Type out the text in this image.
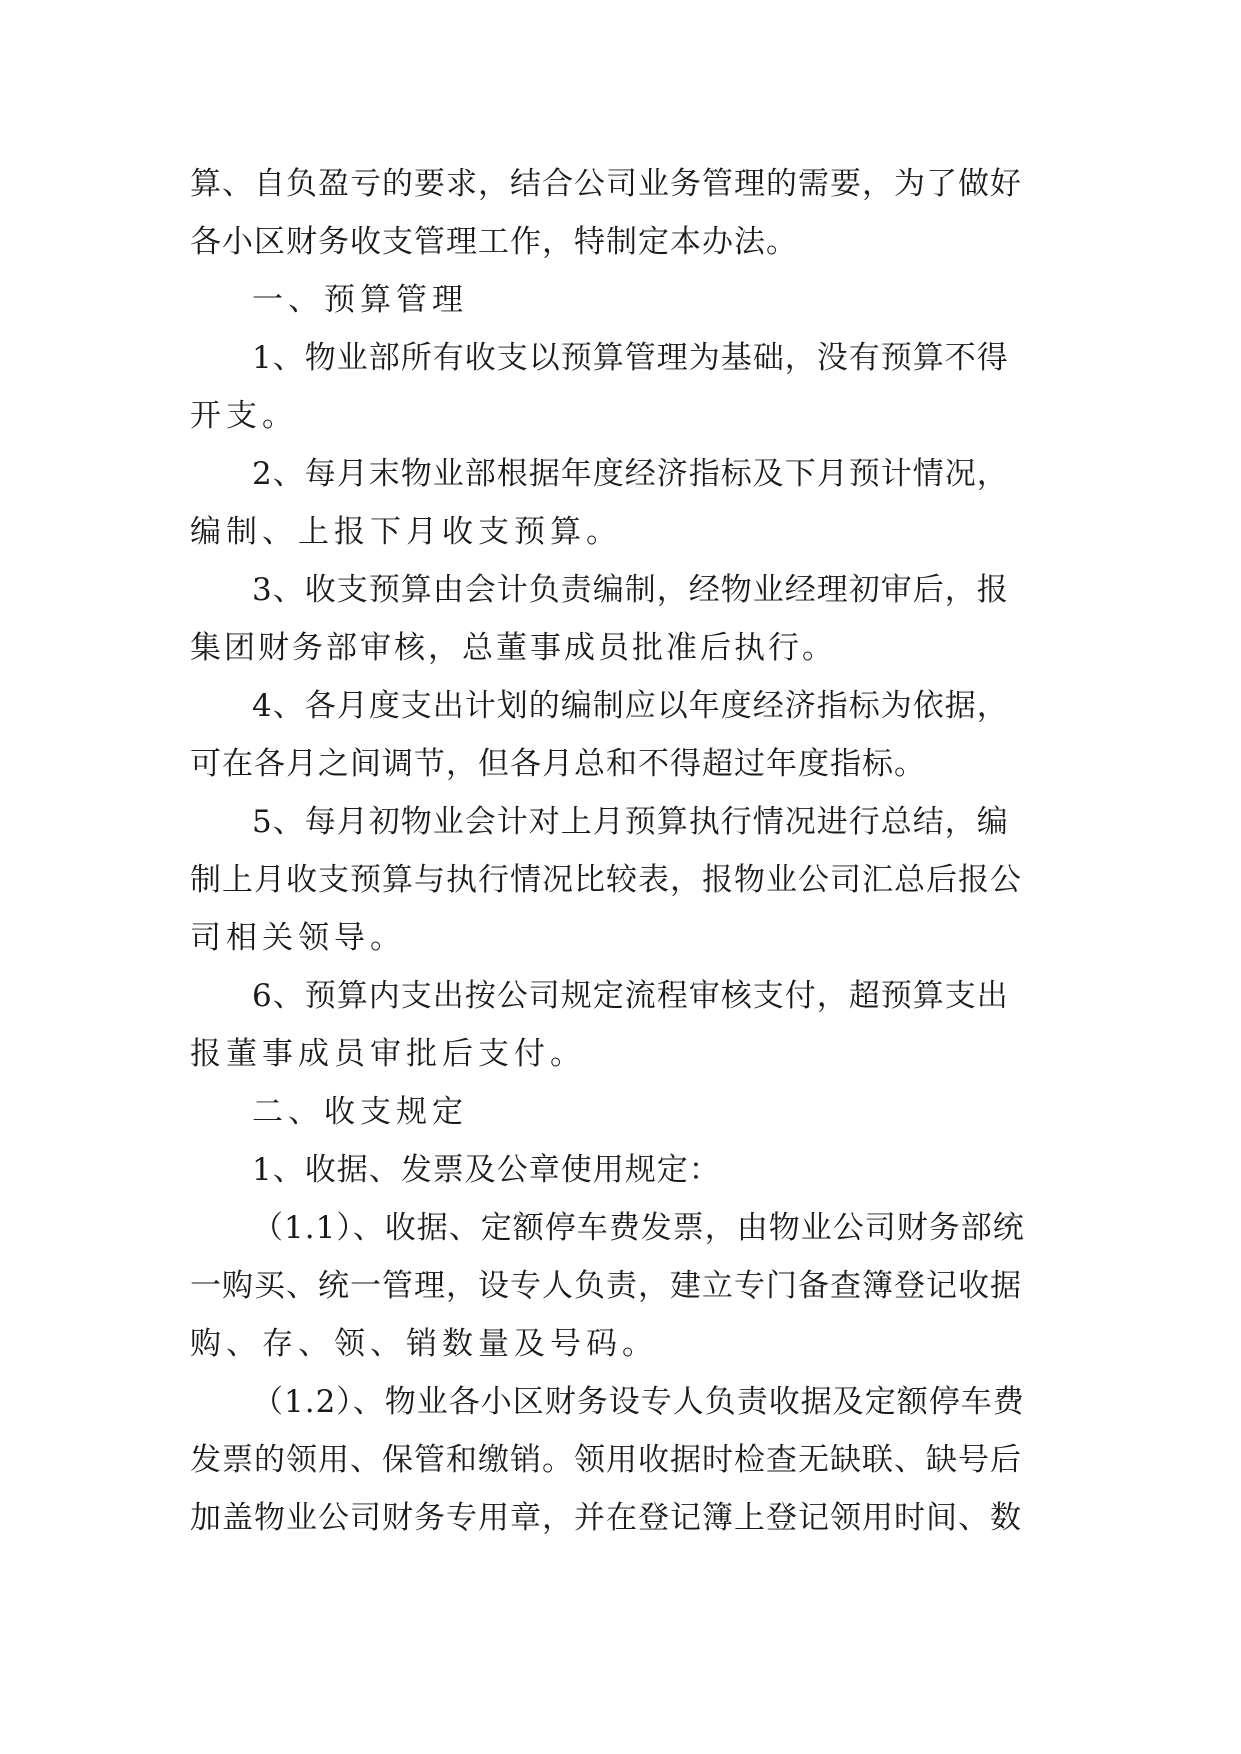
算、自负盈亏的要求，结合公司业务管理的需要，为了做好
各小区财务收支管理工作，特制定本办法。
一、预算管理
1、物业部所有收支以预算管理为基础，没有预算不得
开支。
2、每月末物业部根据年度经济指标及下月预计情况，
编制、上报下月收支预算。
3、收支预算由会计负责编制，经物业经理初审后，报
集团财务部审核，总董事成员批准后执行。
4、各月度支出计划的编制应以年度经济指标为依据，
可在各月之间调节，但各月总和不得超过年度指标。
5、每月初物业会计对上月预算执行情况进行总结，编
制上月收支预算与执行情况比较表，报物业公司汇总后报公
司相关领导。
6、预算内支出按公司规定流程审核支付，超预算支出
报董事成员审批后支付。
二、收支规定
1、收据、发票及公章使用规定：
（1.1）、收据、定额停车费发票，由物业公司财务部统
一购买、统一管理，设专人负责，建立专门备查簿登记收据
购、存、领、销数量及号码。
（1.2）、物业各小区财务设专人负责收据及定额停车费
发票的领用、保管和缴销。领用收据时检查无缺联、缺号后
加盖物业公司财务专用章，并在登记簿上登记领用时间、数
